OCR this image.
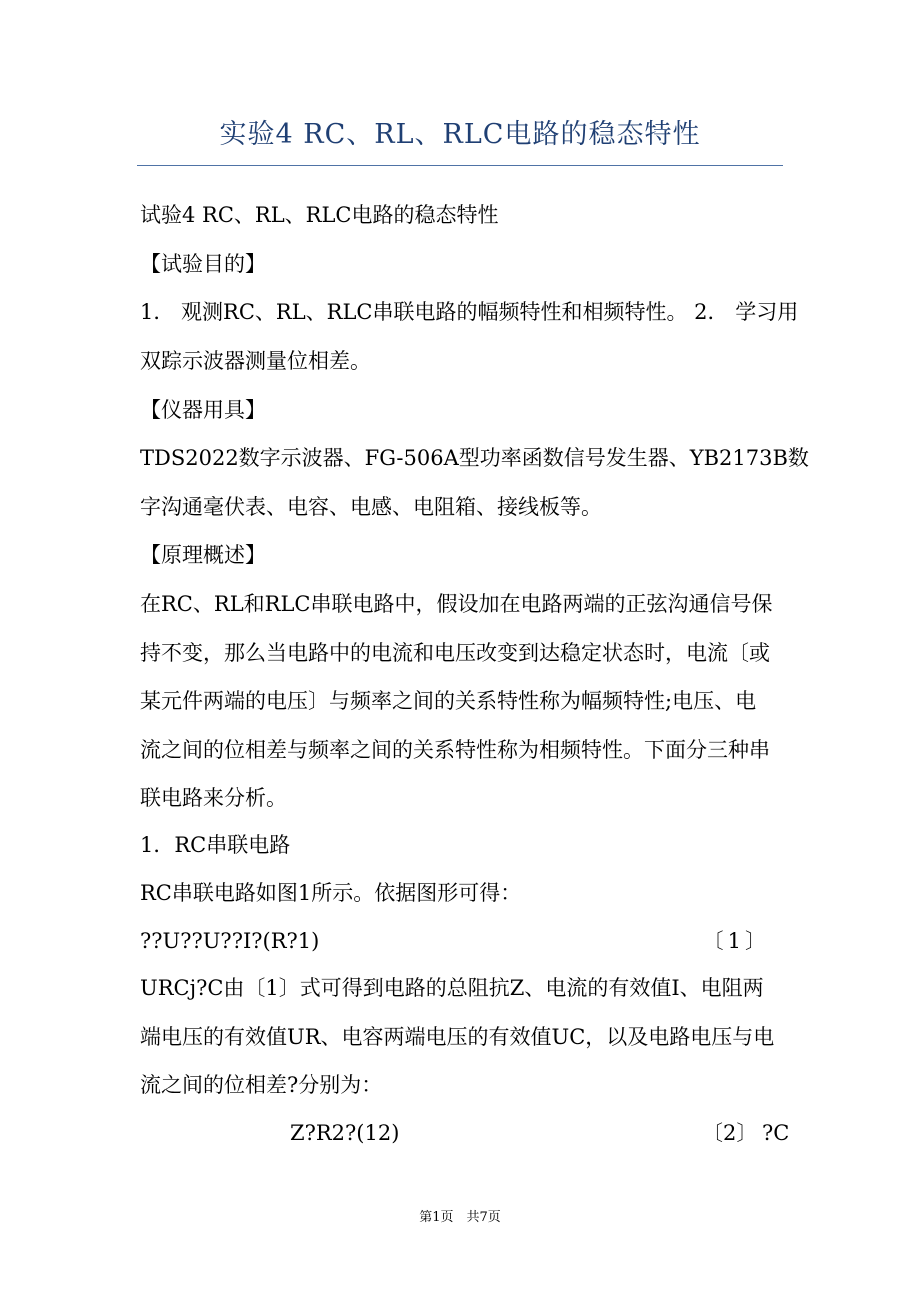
实验4 RC、RL、RLC电路的稳态特性
试验4 RC、RL、RLC电路的稳态特性
【试验目的】
1． 观测RC、RL、RLC串联电路的幅频特性和相频特性。 2． 学习用
双踪示波器测量位相差。
【仪器用具】
TDS2022数字示波器、FG-506A型功率函数信号发生器、YB2173B数
字沟通毫伏表、电容、电感、电阻箱、接线板等。
【原理概述】
在RC、RL和RLC串联电路中，假设加在电路两端的正弦沟通信号保
持不变，那么当电路中的电流和电压改变到达稳定状态时，电流〔或
某元件两端的电压〕与频率之间的关系特性称为幅频特性;电压、电
流之间的位相差与频率之间的关系特性称为相频特性。下面分三种串
联电路来分析。
1．RC串联电路
RC串联电路如图1所示。依据图形可得：
??U??U??I?(R?1)	〔1〕
URCj?C由〔1〕式可得到电路的总阻抗Z、电流的有效值I、电阻两
端电压的有效值UR、电容两端电压的有效值UC，以及电路电压与电
流之间的位相差?分别为：
Z?R2?(12)	〔2〕 ?C
第1页　共7页
